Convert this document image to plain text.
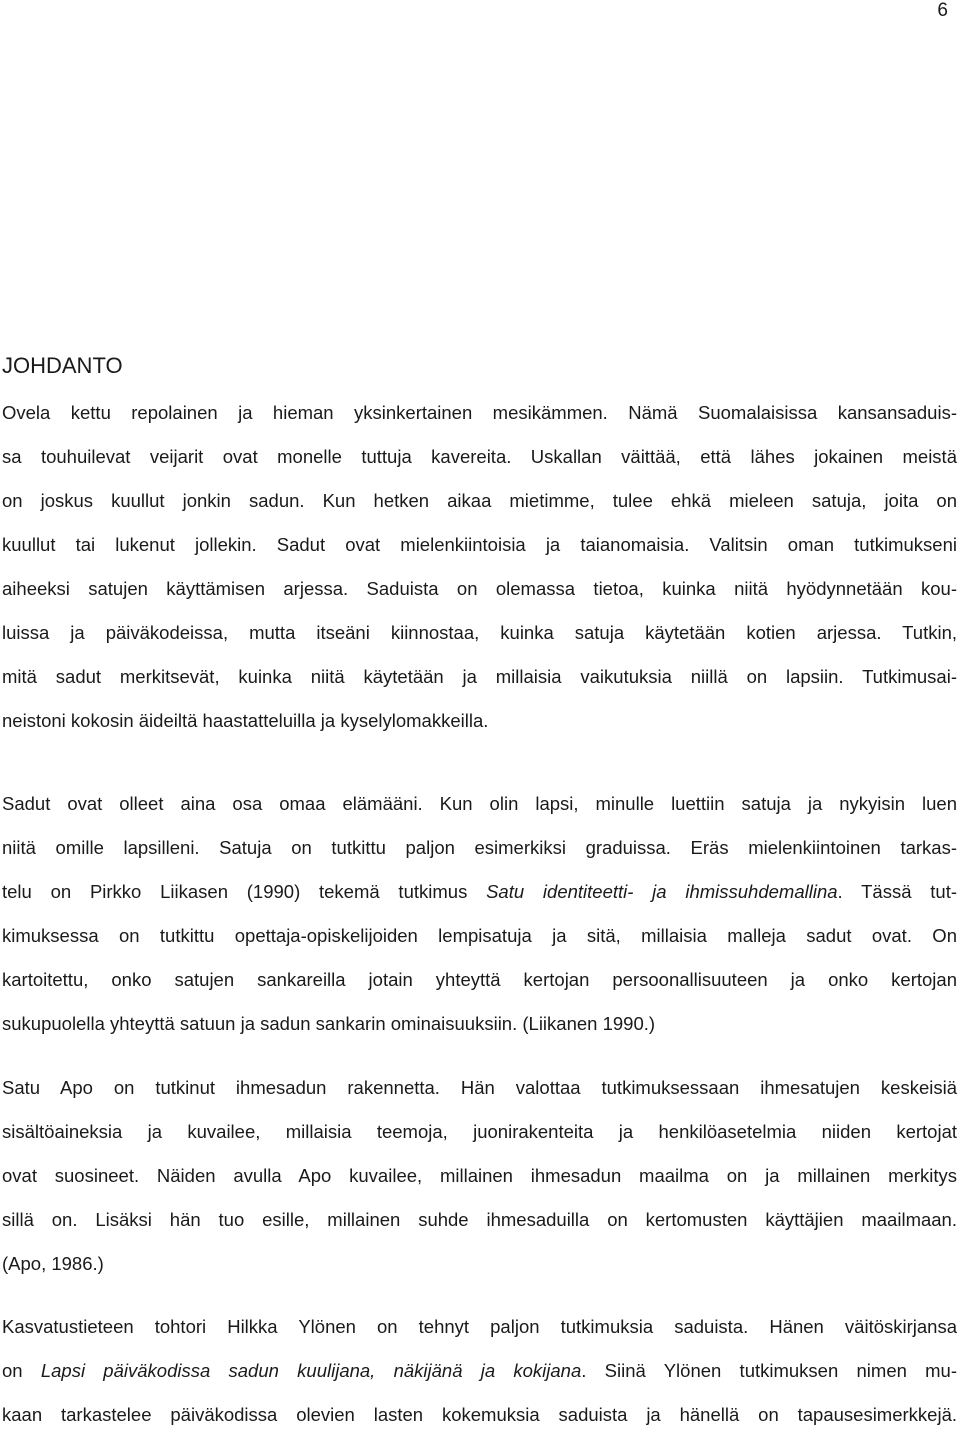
6
JOHDANTO
Ovela kettu repolainen ja hieman yksinkertainen mesikämmen. Nämä Suomalaisissa kansansaduis-
sa touhuilevat veijarit ovat monelle tuttuja kavereita. Uskallan väittää, että lähes jokainen meistä
on joskus kuullut jonkin sadun. Kun hetken aikaa mietimme, tulee ehkä mieleen satuja, joita on
kuullut tai lukenut jollekin. Sadut ovat mielenkiintoisia ja taianomaisia. Valitsin oman tutkimukseni
aiheeksi satujen käyttämisen arjessa. Saduista on olemassa tietoa, kuinka niitä hyödynnetään kou-
luissa ja päiväkodeissa, mutta itseäni kiinnostaa, kuinka satuja käytetään kotien arjessa. Tutkin,
mitä sadut merkitsevät, kuinka niitä käytetään ja millaisia vaikutuksia niillä on lapsiin. Tutkimusai-
neistoni kokosin äideiltä haastatteluilla ja kyselylomakkeilla.
Sadut ovat olleet aina osa omaa elämääni. Kun olin lapsi, minulle luettiin satuja ja nykyisin luen
niitä omille lapsilleni. Satuja on tutkittu paljon esimerkiksi graduissa. Eräs mielenkiintoinen tarkas-
telu on Pirkko Liikasen (1990) tekemä tutkimus Satu identiteetti- ja ihmissuhdemallina. Tässä tut-
kimuksessa on tutkittu opettaja-opiskelijoiden lempisatuja ja sitä, millaisia malleja sadut ovat. On
kartoitettu, onko satujen sankareilla jotain yhteyttä kertojan persoonallisuuteen ja onko kertojan
sukupuolella yhteyttä satuun ja sadun sankarin ominaisuuksiin. (Liikanen 1990.)
Satu Apo on tutkinut ihmesadun rakennetta. Hän valottaa tutkimuksessaan ihmesatujen keskeisiä
sisältöaineksia ja kuvailee, millaisia teemoja, juonirakenteita ja henkilöasetelmia niiden kertojat
ovat suosineet. Näiden avulla Apo kuvailee, millainen ihmesadun maailma on ja millainen merkitys
sillä on. Lisäksi hän tuo esille, millainen suhde ihmesaduilla on kertomusten käyttäjien maailmaan.
(Apo, 1986.)
Kasvatustieteen tohtori Hilkka Ylönen on tehnyt paljon tutkimuksia saduista. Hänen väitöskirjansa
on Lapsi päiväkodissa sadun kuulijana, näkijänä ja kokijana. Siinä Ylönen tutkimuksen nimen mu-
kaan tarkastelee päiväkodissa olevien lasten kokemuksia saduista ja hänellä on tapausesimerkkejä.
